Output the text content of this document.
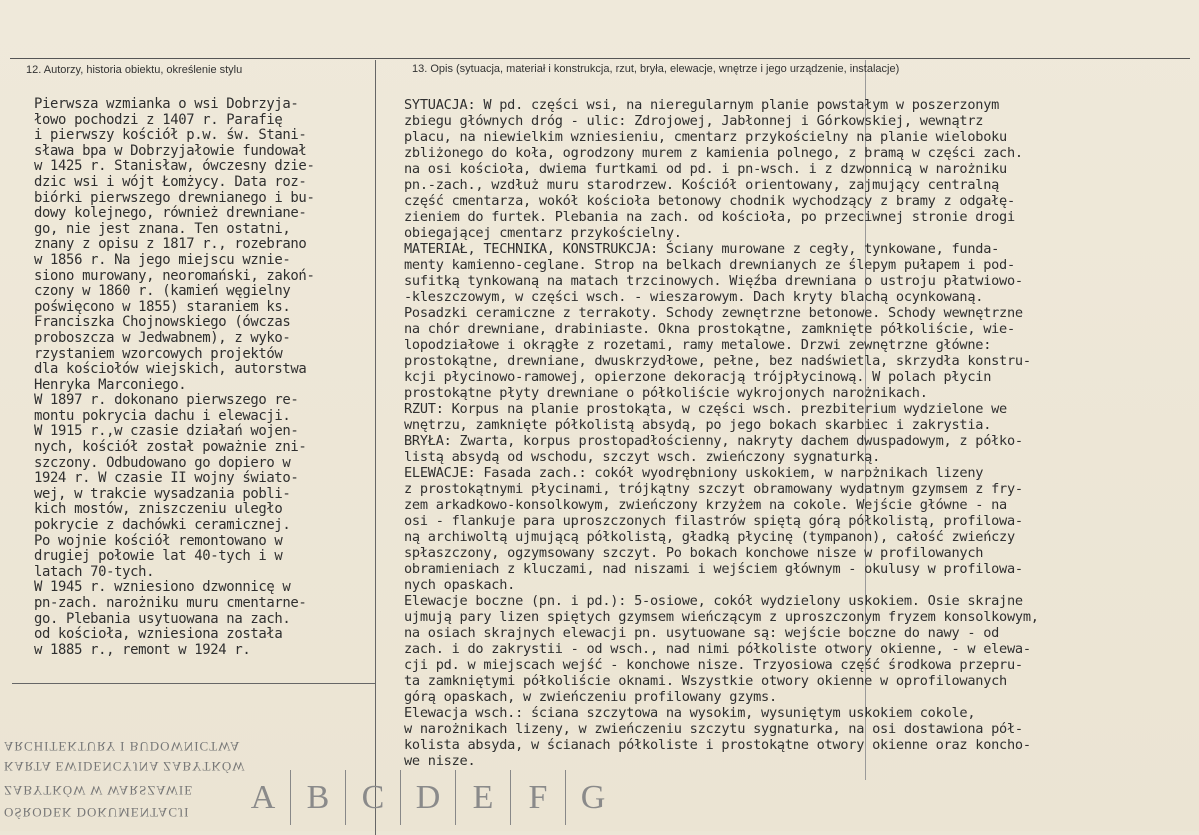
12. Autorzy, historia obiektu, określenie stylu	13. Opis (sytuacja, materiał i konstrukcja, rzut, bryła, elewacje, wnętrze i jego urządzenie, instalacje)
Pierwsza wzmianka o wsi Dobrzyja-
łowo pochodzi z 1407 r. Parafię
i pierwszy kościół p.w. św. Stani-
sława bpa w Dobrzyjałowie fundował
w 1425 r. Stanisław, ówczesny dzie-
dzic wsi i wójt Łomżycy. Data roz-
biórki pierwszego drewnianego i bu-
dowy kolejnego, również drewniane-
go, nie jest znana. Ten ostatni,
znany z opisu z 1817 r., rozebrano
w 1856 r. Na jego miejscu wznie-
siono murowany, neoromański, zakoń-
czony w 1860 r. (kamień węgielny
poświęcono w 1855) staraniem ks.
Franciszka Chojnowskiego (ówczas
proboszcza w Jedwabnem), z wyko-
rzystaniem wzorcowych projektów
dla kościołów wiejskich, autorstwa
Henryka Marconiego.
W 1897 r. dokonano pierwszego re-
montu pokrycia dachu i elewacji.
W 1915 r.,w czasie działań wojen-
nych, kościół został poważnie zni-
szczony. Odbudowano go dopiero w
1924 r. W czasie II wojny świato-
wej, w trakcie wysadzania pobli-
kich mostów, zniszczeniu uległo
pokrycie z dachówki ceramicznej.
Po wojnie kościół remontowano w
drugiej połowie lat 40-tych i w
latach 70-tych.
W 1945 r. wzniesiono dzwonnicę w
pn-zach. narożniku muru cmentarne-
go. Plebania usytuowana na zach.
od kościoła, wzniesiona została
w 1885 r., remont w 1924 r.
SYTUACJA: W pd. części wsi, na nieregularnym planie powstałym w poszerzonym
zbiegu głównych dróg - ulic: Zdrojowej, Jabłonnej i Górkowskiej, wewnątrz
placu, na niewielkim wzniesieniu, cmentarz przykościelny na planie wieloboku
zbliżonego do koła, ogrodzony murem z kamienia polnego, z bramą w części zach.
na osi kościoła, dwiema furtkami od pd. i pn-wsch. i z dzwonnicą w narożniku
pn.-zach., wzdłuż muru starodrzew. Kościół orientowany, zajmujący centralną
część cmentarza, wokół kościoła betonowy chodnik wychodzący z bramy z odgałę-
zieniem do furtek. Plebania na zach. od kościoła, po przeciwnej stronie drogi
obiegającej cmentarz przykościelny.
MATERIAŁ, TECHNIKA, KONSTRUKCJA: Ściany murowane z cegły, tynkowane, funda-
menty kamienno-ceglane. Strop na belkach drewnianych ze ślepym pułapem i pod-
sufitką tynkowaną na matach trzcinowych. Więźba drewniana o ustroju płatwiowo-
-kleszczowym, w części wsch. - wieszarowym. Dach kryty blachą ocynkowaną.
Posadzki ceramiczne z terrakoty. Schody zewnętrzne betonowe. Schody wewnętrzne
na chór drewniane, drabiniaste. Okna prostokątne, zamknięte półkoliście, wie-
lopodziałowe i okrągłe z rozetami, ramy metalowe. Drzwi zewnętrzne główne:
prostokątne, drewniane, dwuskrzydłowe, pełne, bez nadświetla, skrzydła konstru-
kcji płycinowo-ramowej, opierzone dekoracją trójpłycinową. W polach płycin
prostokątne płyty drewniane o półkoliście wykrojonych narożnikach.
RZUT: Korpus na planie prostokąta, w części wsch. prezbiterium wydzielone we
wnętrzu, zamknięte półkolistą absydą, po jego bokach skarbiec i zakrystia.
BRYŁA: Zwarta, korpus prostopadłościenny, nakryty dachem dwuspadowym, z półko-
listą absydą od wschodu, szczyt wsch. zwieńczony sygnaturką.
ELEWACJE: Fasada zach.: cokół wyodrębniony uskokiem, w narożnikach lizeny
z prostokątnymi płycinami, trójkątny szczyt obramowany wydatnym gzymsem z fry-
zem arkadkowo-konsolkowym, zwieńczony krzyżem na cokole. Wejście główne - na
osi - flankuje para uproszczonych filastrów spiętą górą półkolistą, profilowa-
ną archiwoltą ujmującą półkolistą, gładką płycinę (tympanon), całość zwieńczy
spłaszczony, ogzymsowany szczyt. Po bokach konchowe nisze w profilowanych
obramieniach z kluczami, nad niszami i wejściem głównym - okulusy w profilowa-
nych opaskach.
Elewacje boczne (pn. i pd.): 5-osiowe, cokół wydzielony uskokiem. Osie skrajne
ujmują pary lizen spiętych gzymsem wieńczącym z uproszczonym fryzem konsolkowym,
na osiach skrajnych elewacji pn. usytuowane są: wejście boczne do nawy - od
zach. i do zakrystii - od wsch., nad nimi półkoliste otwory okienne, - w elewa-
cji pd. w miejscach wejść - konchowe nisze. Trzyosiowa część środkowa przepru-
ta zamkniętymi półkoliście oknami. Wszystkie otwory okienne w oprofilowanych
górą opaskach, w zwieńczeniu profilowany gzyms.
Elewacja wsch.: ściana szczytowa na wysokim, wysuniętym uskokiem cokole,
w narożnikach lizeny, w zwieńczeniu szczytu sygnaturka, na osi dostawiona pół-
kolista absyda, w ścianach półkoliste i prostokątne otwory okienne oraz koncho-
we nisze.
ARCHITEKTURY I BUDOWNICTWA
KARTA EWIDENCYJNA ZABYTKÓW
ZABYTKÓW W WARSZAWIE
OŚRODEK DOKUMENTACJI	A B C D E	F G
